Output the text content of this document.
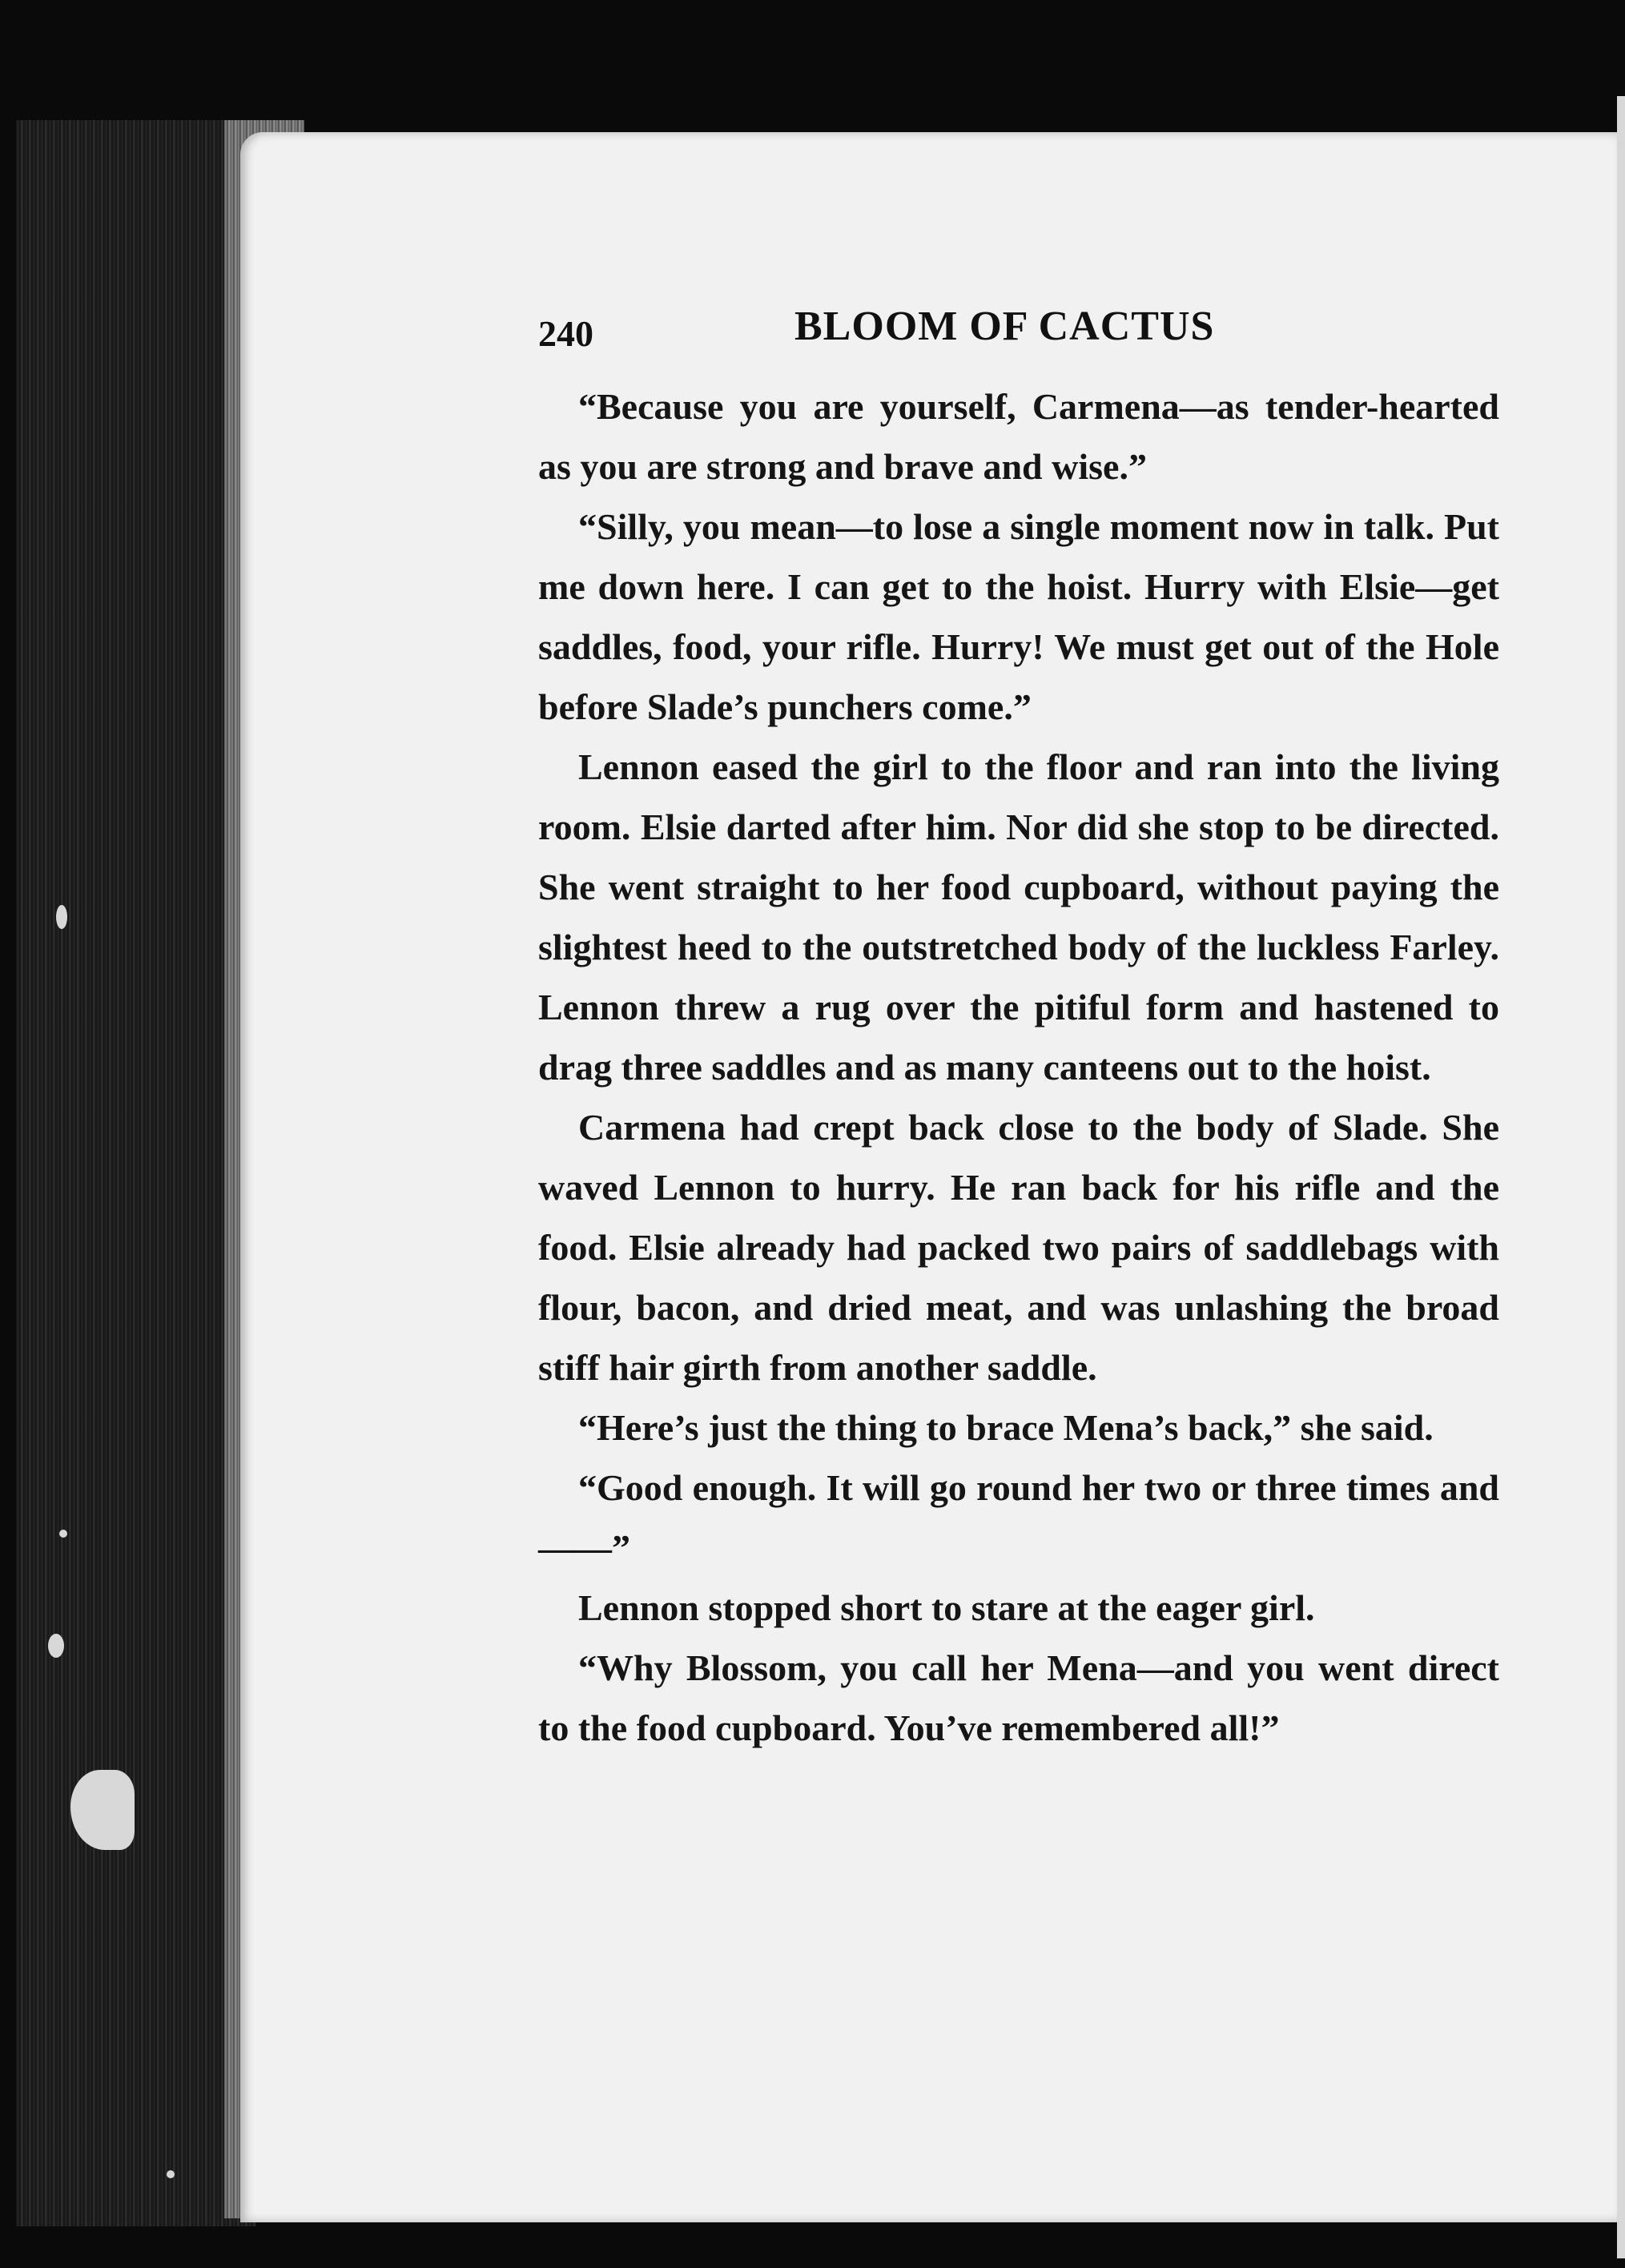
240	BLOOM OF CACTUS

“Because you are yourself, Carmena—as tender-hearted as you are strong and brave and wise.”

“Silly, you mean—to lose a single moment now in talk. Put me down here. I can get to the hoist. Hurry with Elsie—get saddles, food, your rifle. Hurry! We must get out of the Hole before Slade’s punchers come.”

Lennon eased the girl to the floor and ran into the living room. Elsie darted after him. Nor did she stop to be directed. She went straight to her food cupboard, without paying the slightest heed to the outstretched body of the luckless Farley. Lennon threw a rug over the pitiful form and hastened to drag three saddles and as many canteens out to the hoist.

Carmena had crept back close to the body of Slade. She waved Lennon to hurry. He ran back for his rifle and the food. Elsie already had packed two pairs of saddlebags with flour, bacon, and dried meat, and was unlashing the broad stiff hair girth from another saddle.

“Here’s just the thing to brace Mena’s back,” she said.

“Good enough. It will go round her two or three times and——”

Lennon stopped short to stare at the eager girl.

“Why Blossom, you call her Mena—and you went direct to the food cupboard. You’ve remembered all!”
